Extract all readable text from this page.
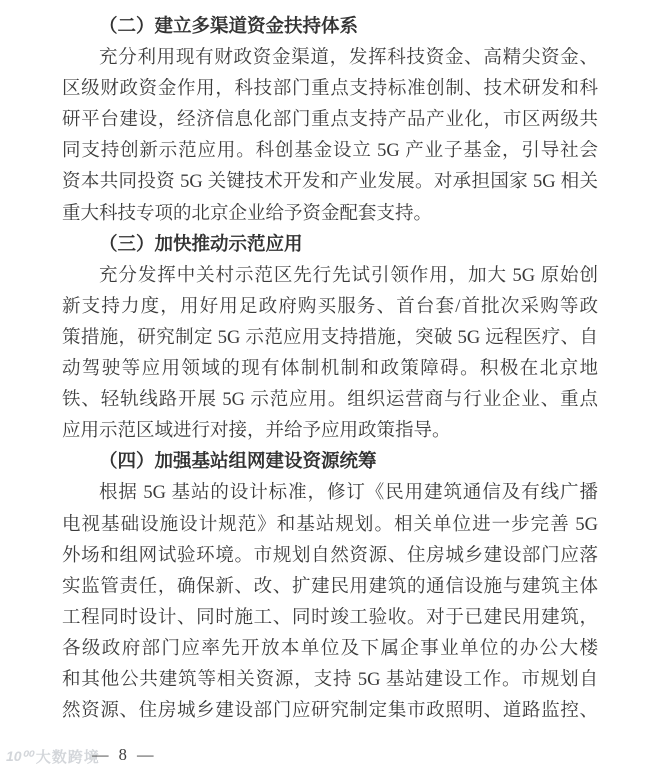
（二）建立多渠道资金扶持体系
充分利用现有财政资金渠道，发挥科技资金、高精尖资金、
区级财政资金作用，科技部门重点支持标准创制、技术研发和科
研平台建设，经济信息化部门重点支持产品产业化，市区两级共
同支持创新示范应用。科创基金设立 5G 产业子基金，引导社会
资本共同投资 5G 关键技术开发和产业发展。对承担国家 5G 相关
重大科技专项的北京企业给予资金配套支持。
（三）加快推动示范应用
充分发挥中关村示范区先行先试引领作用，加大 5G 原始创
新支持力度，用好用足政府购买服务、首台套/首批次采购等政
策措施，研究制定 5G 示范应用支持措施，突破 5G 远程医疗、自
动驾驶等应用领域的现有体制机制和政策障碍。积极在北京地
铁、轻轨线路开展 5G 示范应用。组织运营商与行业企业、重点
应用示范区域进行对接，并给予应用政策指导。
（四）加强基站组网建设资源统筹
根据 5G 基站的设计标准，修订《民用建筑通信及有线广播
电视基础设施设计规范》和基站规划。相关单位进一步完善 5G
外场和组网试验环境。市规划自然资源、住房城乡建设部门应落
实监管责任，确保新、改、扩建民用建筑的通信设施与建筑主体
工程同时设计、同时施工、同时竣工验收。对于已建民用建筑，
各级政府部门应率先开放本单位及下属企事业单位的办公大楼
和其他公共建筑等相关资源，支持 5G 基站建设工作。市规划自
然资源、住房城乡建设部门应研究制定集市政照明、道路监控、
10⁰⁰ 大数跨境
— 8 —
